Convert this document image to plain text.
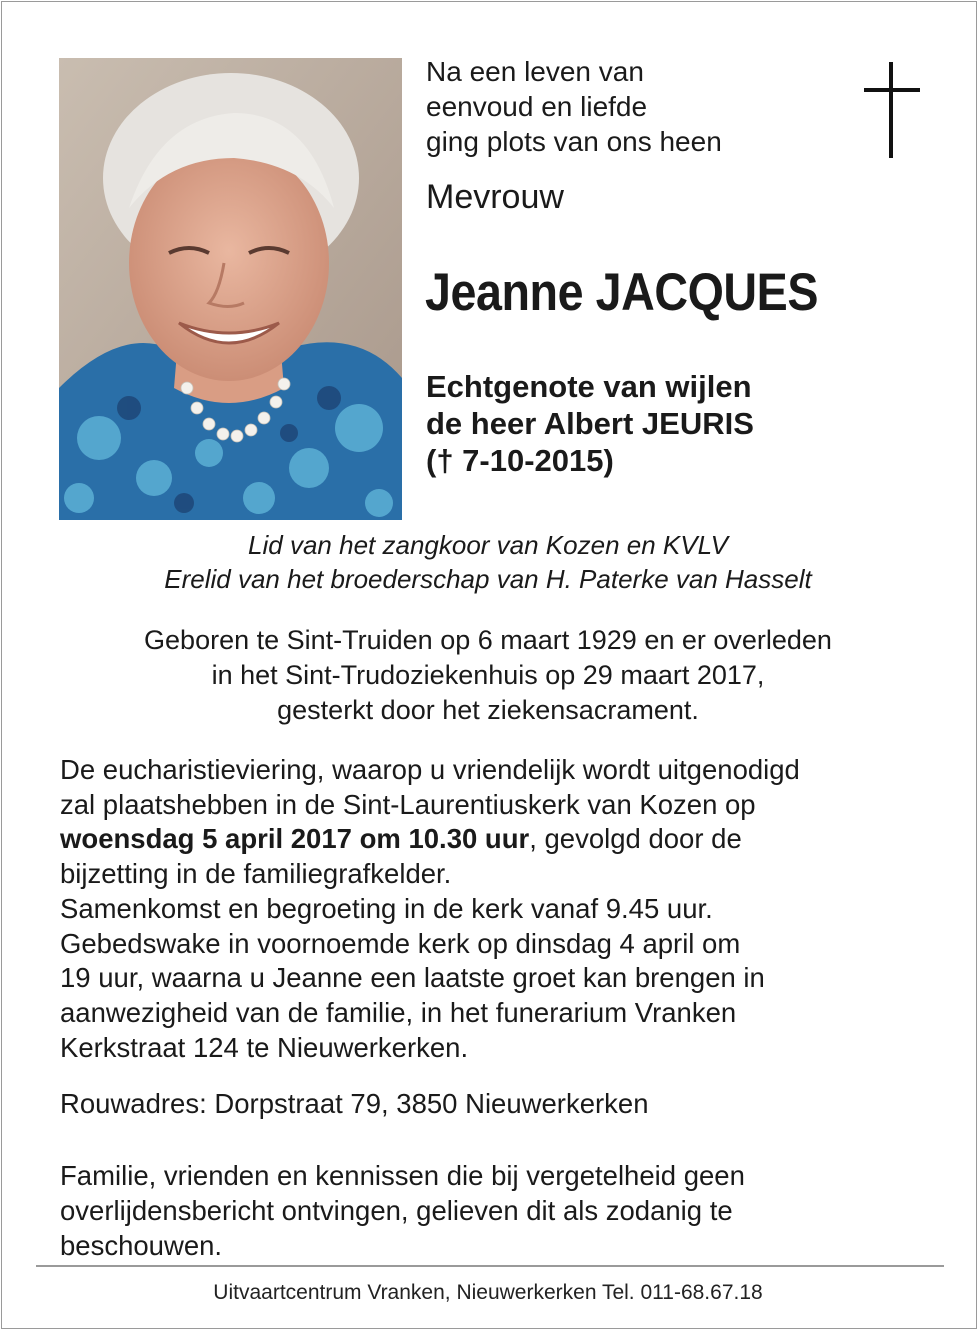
Na een leven van
eenvoud en liefde
ging plots van ons heen
Mevrouw
Jeanne JACQUES
Echtgenote van wijlen
de heer Albert JEURIS
(† 7-10-2015)
Lid van het zangkoor van Kozen en KVLV
Erelid van het broederschap van H. Paterke van Hasselt
Geboren te Sint-Truiden op 6 maart 1929 en er overleden
in het Sint-Trudoziekenhuis op 29 maart 2017,
gesterkt door het ziekensacrament.
De eucharistieviering, waarop u vriendelijk wordt uitgenodigd
zal plaatshebben in de Sint-Laurentiuskerk van Kozen op
woensdag 5 april 2017 om 10.30 uur, gevolgd door de
bijzetting in de familiegrafkelder.
Samenkomst en begroeting in de kerk vanaf 9.45 uur.
Gebedswake in voornoemde kerk op dinsdag 4 april om
19 uur, waarna u Jeanne een laatste groet kan brengen in
aanwezigheid van de familie, in het funerarium Vranken
Kerkstraat 124 te Nieuwerkerken.
Rouwadres: Dorpstraat 79, 3850 Nieuwerkerken
Familie, vrienden en kennissen die bij vergetelheid geen
overlijdensbericht ontvingen, gelieven dit als zodanig te
beschouwen.
Uitvaartcentrum Vranken, Nieuwerkerken Tel. 011-68.67.18
